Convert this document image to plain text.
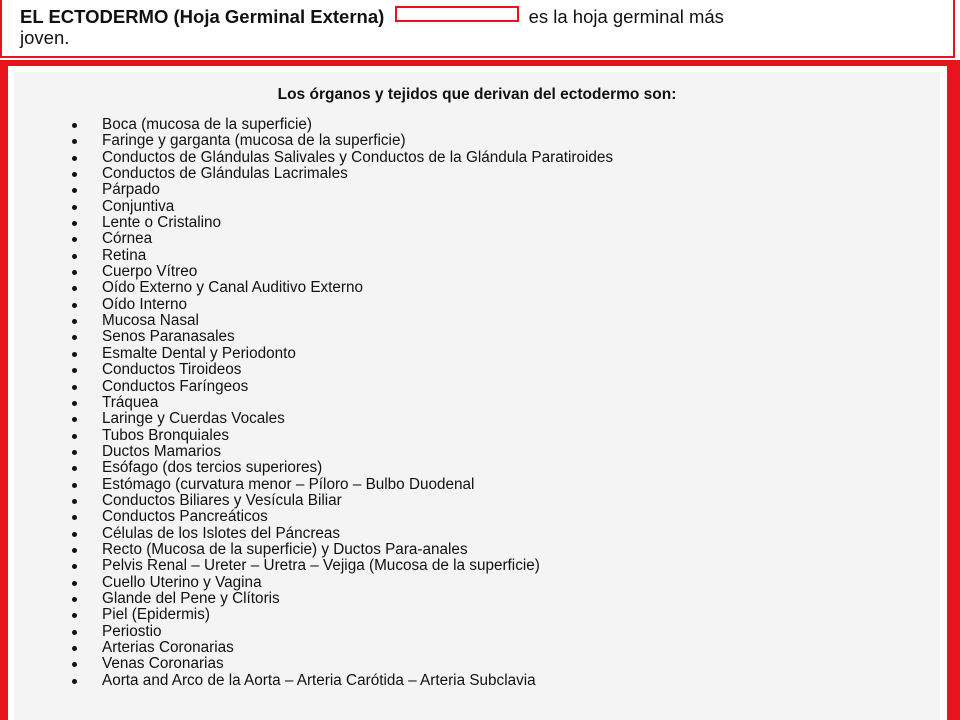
EL ECTODERMO (Hoja Germinal Externa)	es la hoja germinal más
joven.
Los órganos y tejidos que derivan del ectodermo son:
Boca (mucosa de la superficie)
Faringe y garganta (mucosa de la superficie)
Conductos de Glándulas Salivales y Conductos de la Glándula Paratiroides
Conductos de Glándulas Lacrimales
Párpado
Conjuntiva
Lente o Cristalino
Córnea
Retina
Cuerpo Vítreo
Oído Externo y Canal Auditivo Externo
Oído Interno
Mucosa Nasal
Senos Paranasales
Esmalte Dental y Periodonto
Conductos Tiroideos
Conductos Faríngeos
Tráquea
Laringe y Cuerdas Vocales
Tubos Bronquiales
Ductos Mamarios
Esófago (dos tercios superiores)
Estómago (curvatura menor – Píloro – Bulbo Duodenal
Conductos Biliares y Vesícula Biliar
Conductos Pancreáticos
Células de los Islotes del Páncreas
Recto (Mucosa de la superficie) y Ductos Para-anales
Pelvis Renal – Ureter – Uretra – Vejiga (Mucosa de la superficie)
Cuello Uterino y Vagina
Glande del Pene y Clítoris
Piel (Epidermis)
Periostio
Arterias Coronarias
Venas Coronarias
Aorta and Arco de la Aorta – Arteria Carótida – Arteria Subclavia
